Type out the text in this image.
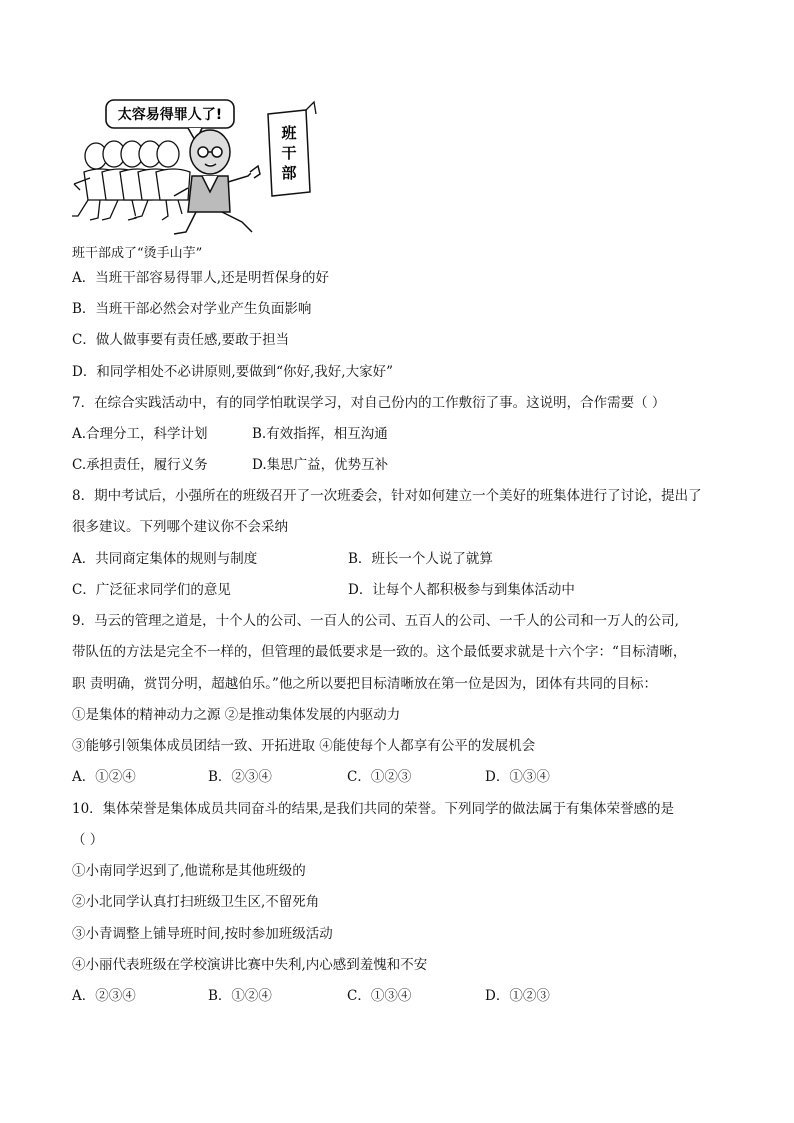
太容易得罪人了!
班
干
部
班干部成了“烫手山芋”
A．当班干部容易得罪人,还是明哲保身的好
B．当班干部必然会对学业产生负面影响
C．做人做事要有责任感,要敢于担当
D．和同学相处不必讲原则,要做到“你好,我好,大家好”
7．在综合实践活动中，有的同学怕耽误学习，对自己份内的工作敷衍了事。这说明，合作需要（ ）
A.合理分工，科学计划	B.有效指挥，相互沟通
C.承担责任，履行义务	D.集思广益，优势互补
8．期中考试后，小强所在的班级召开了一次班委会，针对如何建立一个美好的班集体进行了讨论，提出了
很多建议。下列哪个建议你不会采纳
A．共同商定集体的规则与制度	B．班长一个人说了就算
C．广泛征求同学们的意见	D．让每个人都积极参与到集体活动中
9．马云的管理之道是，十个人的公司、一百人的公司、五百人的公司、一千人的公司和一万人的公司,
带队伍的方法是完全不一样的，但管理的最低要求是一致的。这个最低要求就是十六个字：“目标清晰，
职 责明确，赏罚分明，超越伯乐。”他之所以要把目标清晰放在第一位是因为，团体有共同的目标：
①是集体的精神动力之源 ②是推动集体发展的内驱动力
③能够引领集体成员团结一致、开拓进取 ④能使每个人都享有公平的发展机会
A．①②④	B．②③④	C．①②③	D．①③④
10．集体荣誉是集体成员共同奋斗的结果,是我们共同的荣誉。下列同学的做法属于有集体荣誉感的是
（ ）
①小南同学迟到了,他谎称是其他班级的
②小北同学认真打扫班级卫生区,不留死角
③小青调整上铺导班时间,按时参加班级活动
④小丽代表班级在学校演讲比赛中失利,内心感到羞愧和不安
A．②③④	B．①②④	C．①③④	D．①②③
